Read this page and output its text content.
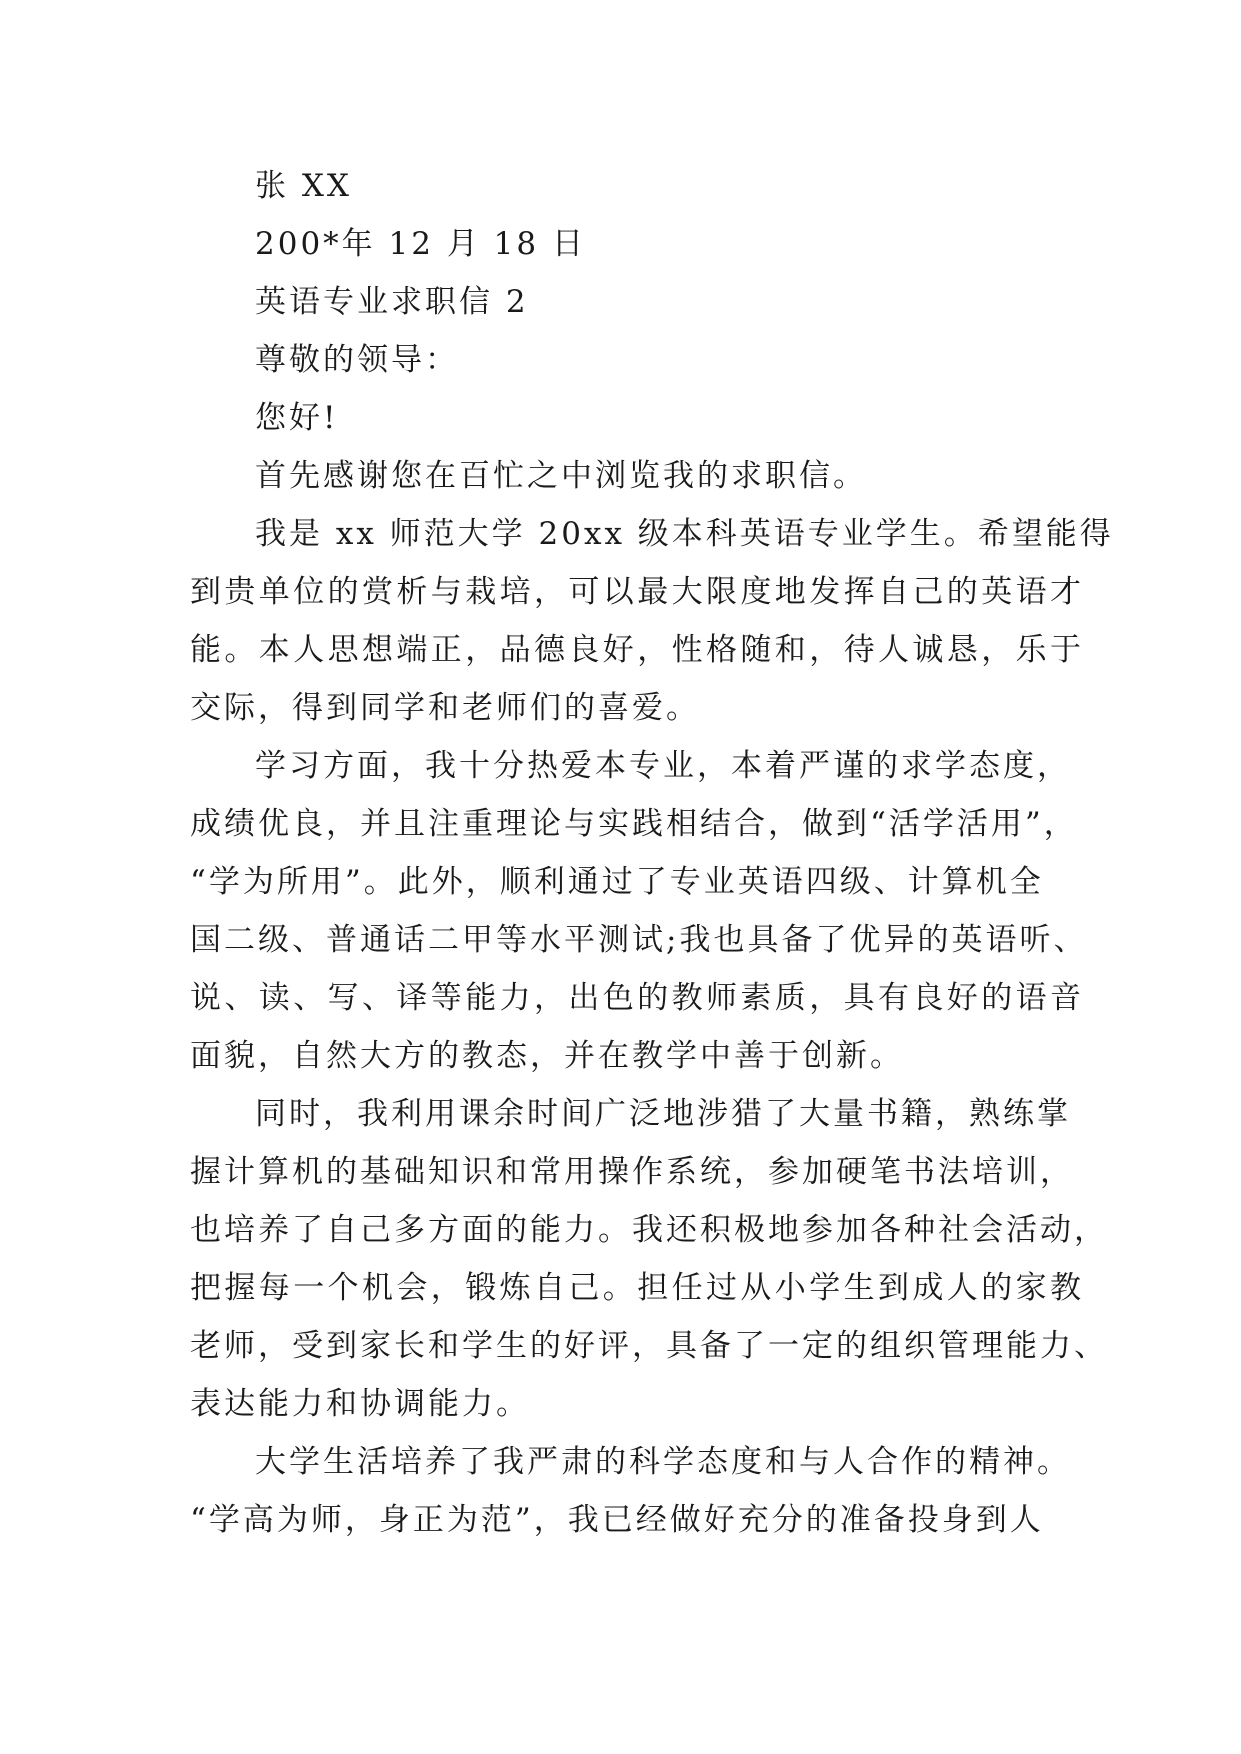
张 XX
200*年 12 月 18 日
英语专业求职信 2
尊敬的领导：
您好!
首先感谢您在百忙之中浏览我的求职信。
我是 xx 师范大学 20xx 级本科英语专业学生。希望能得
到贵单位的赏析与栽培，可以最大限度地发挥自己的英语才
能。本人思想端正，品德良好，性格随和，待人诚恳，乐于
交际，得到同学和老师们的喜爱。
学习方面，我十分热爱本专业，本着严谨的求学态度，
成绩优良，并且注重理论与实践相结合，做到“活学活用”，
“学为所用”。此外，顺利通过了专业英语四级、计算机全
国二级、普通话二甲等水平测试;我也具备了优异的英语听、
说、读、写、译等能力，出色的教师素质，具有良好的语音
面貌，自然大方的教态，并在教学中善于创新。
同时，我利用课余时间广泛地涉猎了大量书籍，熟练掌
握计算机的基础知识和常用操作系统，参加硬笔书法培训，
也培养了自己多方面的能力。我还积极地参加各种社会活动，
把握每一个机会，锻炼自己。担任过从小学生到成人的家教
老师，受到家长和学生的好评，具备了一定的组织管理能力、
表达能力和协调能力。
大学生活培养了我严肃的科学态度和与人合作的精神。
“学高为师，身正为范”，我已经做好充分的准备投身到人
